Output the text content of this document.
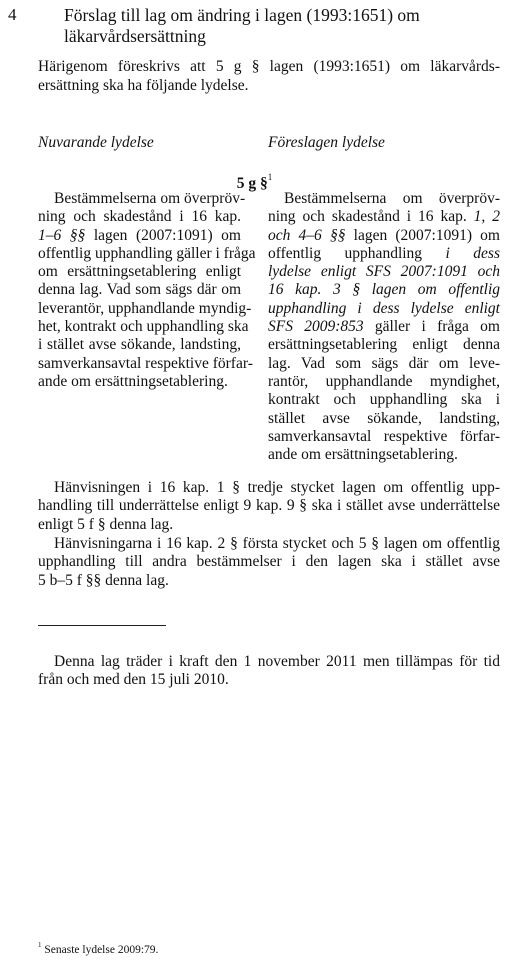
4	Förslag till lag om ändring i lagen (1993:1651) om
läkarvårdsersättning
Härigenom föreskrivs att 5 g § lagen (1993:1651) om läkarvårds- ersättning ska ha följande lydelse.
Nuvarande lydelse	Föreslagen lydelse
5 g §$^1$
Bestämmelserna om överpröv-
ning och skadestånd i 16 kap.
1–6 §§ lagen (2007:1091) om
offentlig upphandling gäller i fråga
om ersättningsetablering enligt
denna lag. Vad som sägs där om
leverantör, upphandlande myndig-
het, kontrakt och upphandling ska
i stället avse sökande, landsting,
samverkansavtal respektive förfar-
ande om ersättningsetablering.
Bestämmelserna om överpröv-
ning och skadestånd i 16 kap. 1, 2
och 4–6 §§ lagen (2007:1091) om
offentlig upphandling i dess
lydelse enligt SFS 2007:1091 och
16 kap. 3 § lagen om offentlig
upphandling i dess lydelse enligt
SFS 2009:853 gäller i fråga om
ersättningsetablering enligt denna
lag. Vad som sägs där om leve-
rantör, upphandlande myndighet,
kontrakt och upphandling ska i
stället avse sökande, landsting,
samverkansavtal respektive förfar-
ande om ersättningsetablering.
Hänvisningen i 16 kap. 1 § tredje stycket lagen om offentlig upp-
handling till underrättelse enligt 9 kap. 9 § ska i stället avse underrättelse
enligt 5 f § denna lag.
Hänvisningarna i 16 kap. 2 § första stycket och 5 § lagen om offentlig
upphandling till andra bestämmelser i den lagen ska i stället avse
5 b–5 f §§ denna lag.
Denna lag träder i kraft den 1 november 2011 men tillämpas för tid
från och med den 15 juli 2010.
$^1$ Senaste lydelse 2009:79.
